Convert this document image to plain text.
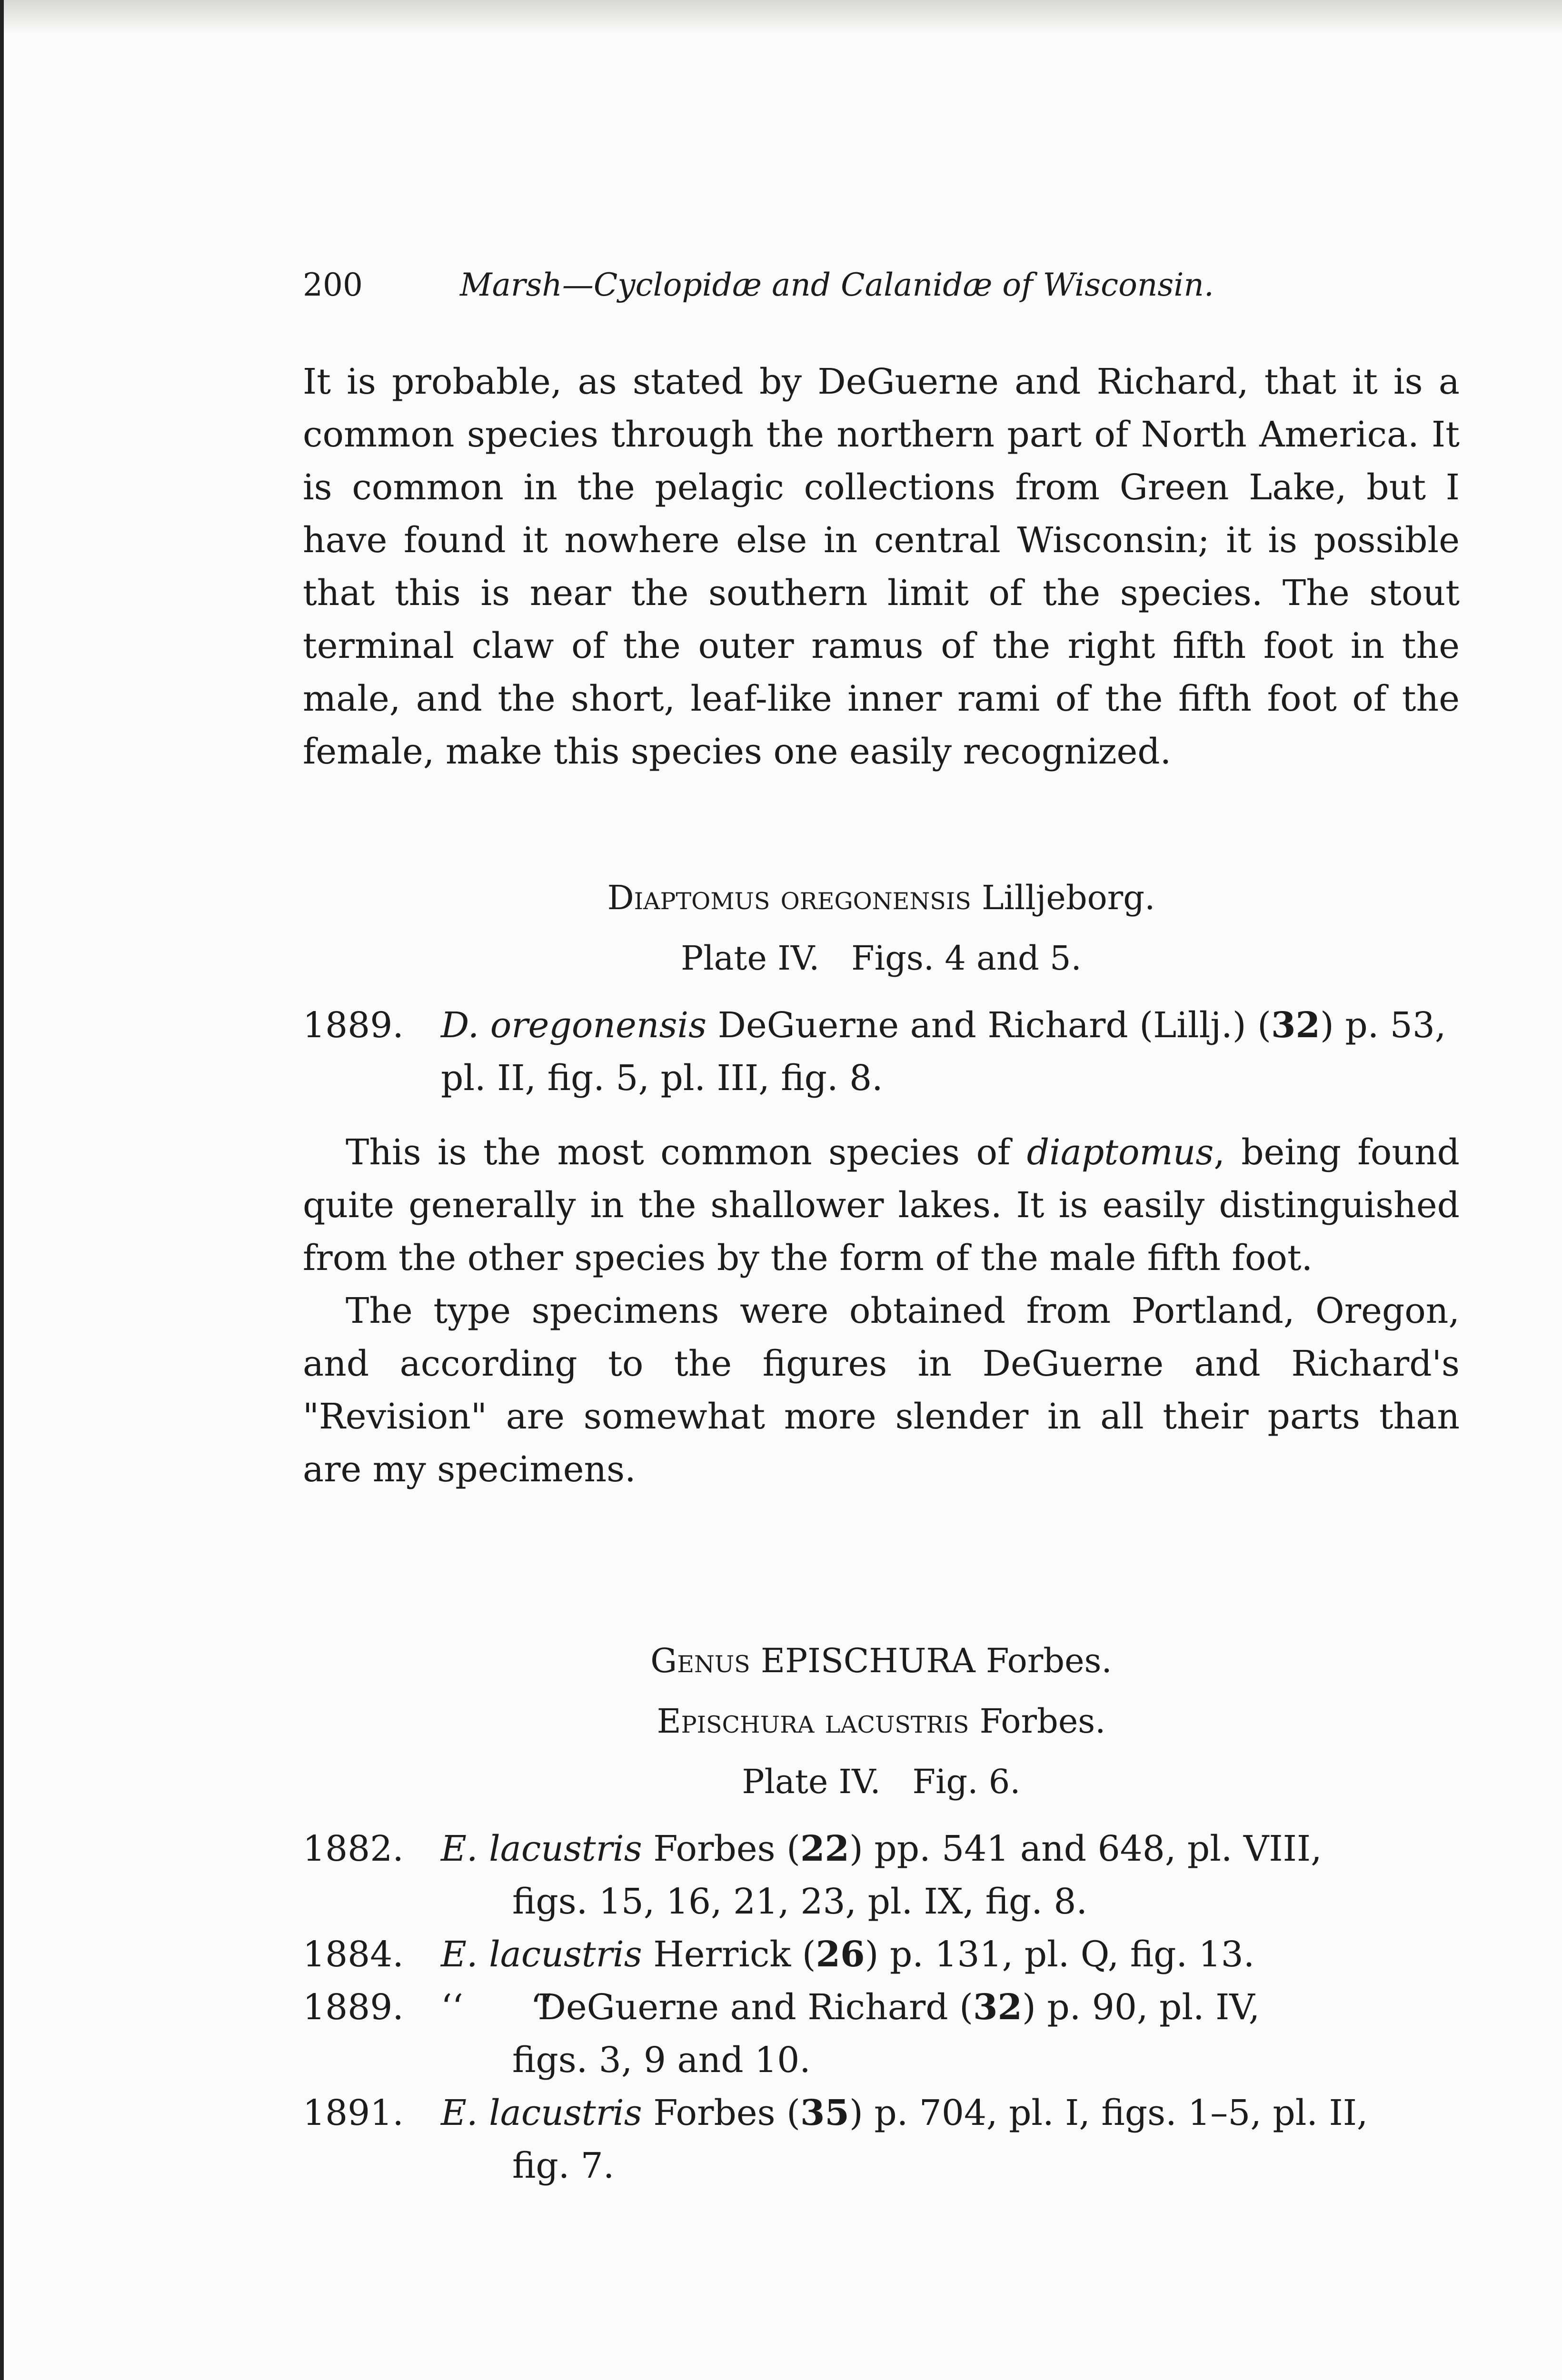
200	Marsh—Cyclopidæ and Calanidæ of Wisconsin.

It is probable, as stated by DeGuerne and Richard, that it is a common species through the northern part of North America. It is common in the pelagic collections from Green Lake, but I have found it nowhere else in central Wisconsin; it is possible that this is near the southern limit of the species. The stout terminal claw of the outer ramus of the right fifth foot in the male, and the short, leaf-like inner rami of the fifth foot of the female, make this species one easily recognized.

Diaptomus oregonensis Lilljeborg.
Plate IV.   Figs. 4 and 5.
1889.	D. oregonensis DeGuerne and Richard (Lillj.) (32) p. 53,
pl. II, fig. 5, pl. III, fig. 8.

This is the most common species of diaptomus, being found quite generally in the shallower lakes. It is easily distinguished from the other species by the form of the male fifth foot.

The type specimens were obtained from Portland, Oregon, and according to the figures in DeGuerne and Richard's "Revision" are somewhat more slender in all their parts than are my specimens.

Genus EPISCHURA Forbes.
Epischura lacustris Forbes.
Plate IV.   Fig. 6.
1882.	E. lacustris Forbes (22) pp. 541 and 648, pl. VIII,
figs. 15, 16, 21, 23, pl. IX, fig. 8.
1884.	E. lacustris Herrick (26) p. 131, pl. Q, fig. 13.
1889.	‘‘      ‘‘ DeGuerne and Richard (32) p. 90, pl. IV,
figs. 3, 9 and 10.
1891.	E. lacustris Forbes (35) p. 704, pl. I, figs. 1–5, pl. II,
fig. 7.
